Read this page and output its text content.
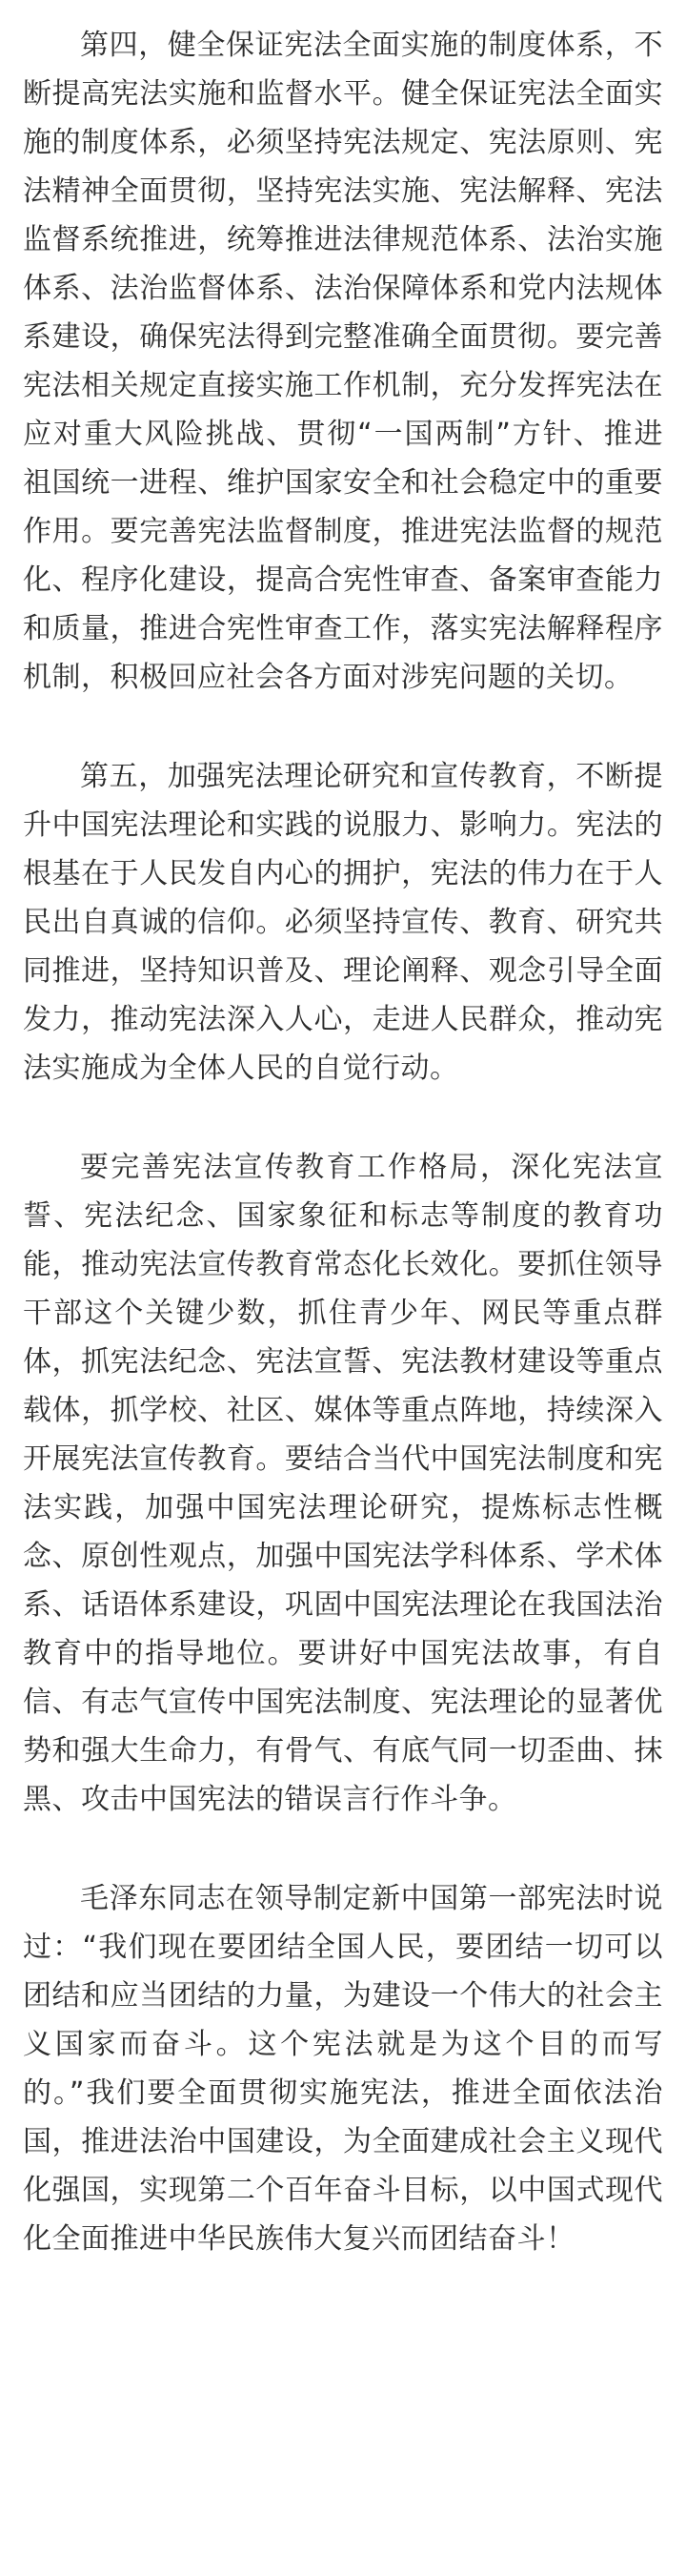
第四，健全保证宪法全面实施的制度体系，不断提高宪法实施和监督水平。健全保证宪法全面实施的制度体系，必须坚持宪法规定、宪法原则、宪法精神全面贯彻，坚持宪法实施、宪法解释、宪法监督系统推进，统筹推进法律规范体系、法治实施体系、法治监督体系、法治保障体系和党内法规体系建设，确保宪法得到完整准确全面贯彻。要完善宪法相关规定直接实施工作机制，充分发挥宪法在应对重大风险挑战、贯彻“一国两制”方针、推进祖国统一进程、维护国家安全和社会稳定中的重要作用。要完善宪法监督制度，推进宪法监督的规范化、程序化建设，提高合宪性审查、备案审查能力和质量，推进合宪性审查工作，落实宪法解释程序机制，积极回应社会各方面对涉宪问题的关切。

第五，加强宪法理论研究和宣传教育，不断提升中国宪法理论和实践的说服力、影响力。宪法的根基在于人民发自内心的拥护，宪法的伟力在于人民出自真诚的信仰。必须坚持宣传、教育、研究共同推进，坚持知识普及、理论阐释、观念引导全面发力，推动宪法深入人心，走进人民群众，推动宪法实施成为全体人民的自觉行动。

要完善宪法宣传教育工作格局，深化宪法宣誓、宪法纪念、国家象征和标志等制度的教育功能，推动宪法宣传教育常态化长效化。要抓住领导干部这个关键少数，抓住青少年、网民等重点群体，抓宪法纪念、宪法宣誓、宪法教材建设等重点载体，抓学校、社区、媒体等重点阵地，持续深入开展宪法宣传教育。要结合当代中国宪法制度和宪法实践，加强中国宪法理论研究，提炼标志性概念、原创性观点，加强中国宪法学科体系、学术体系、话语体系建设，巩固中国宪法理论在我国法治教育中的指导地位。要讲好中国宪法故事，有自信、有志气宣传中国宪法制度、宪法理论的显著优势和强大生命力，有骨气、有底气同一切歪曲、抹黑、攻击中国宪法的错误言行作斗争。

毛泽东同志在领导制定新中国第一部宪法时说过：“我们现在要团结全国人民，要团结一切可以团结和应当团结的力量，为建设一个伟大的社会主义国家而奋斗。这个宪法就是为这个目的而写的。”我们要全面贯彻实施宪法，推进全面依法治国，推进法治中国建设，为全面建成社会主义现代化强国，实现第二个百年奋斗目标，以中国式现代化全面推进中华民族伟大复兴而团结奋斗！
